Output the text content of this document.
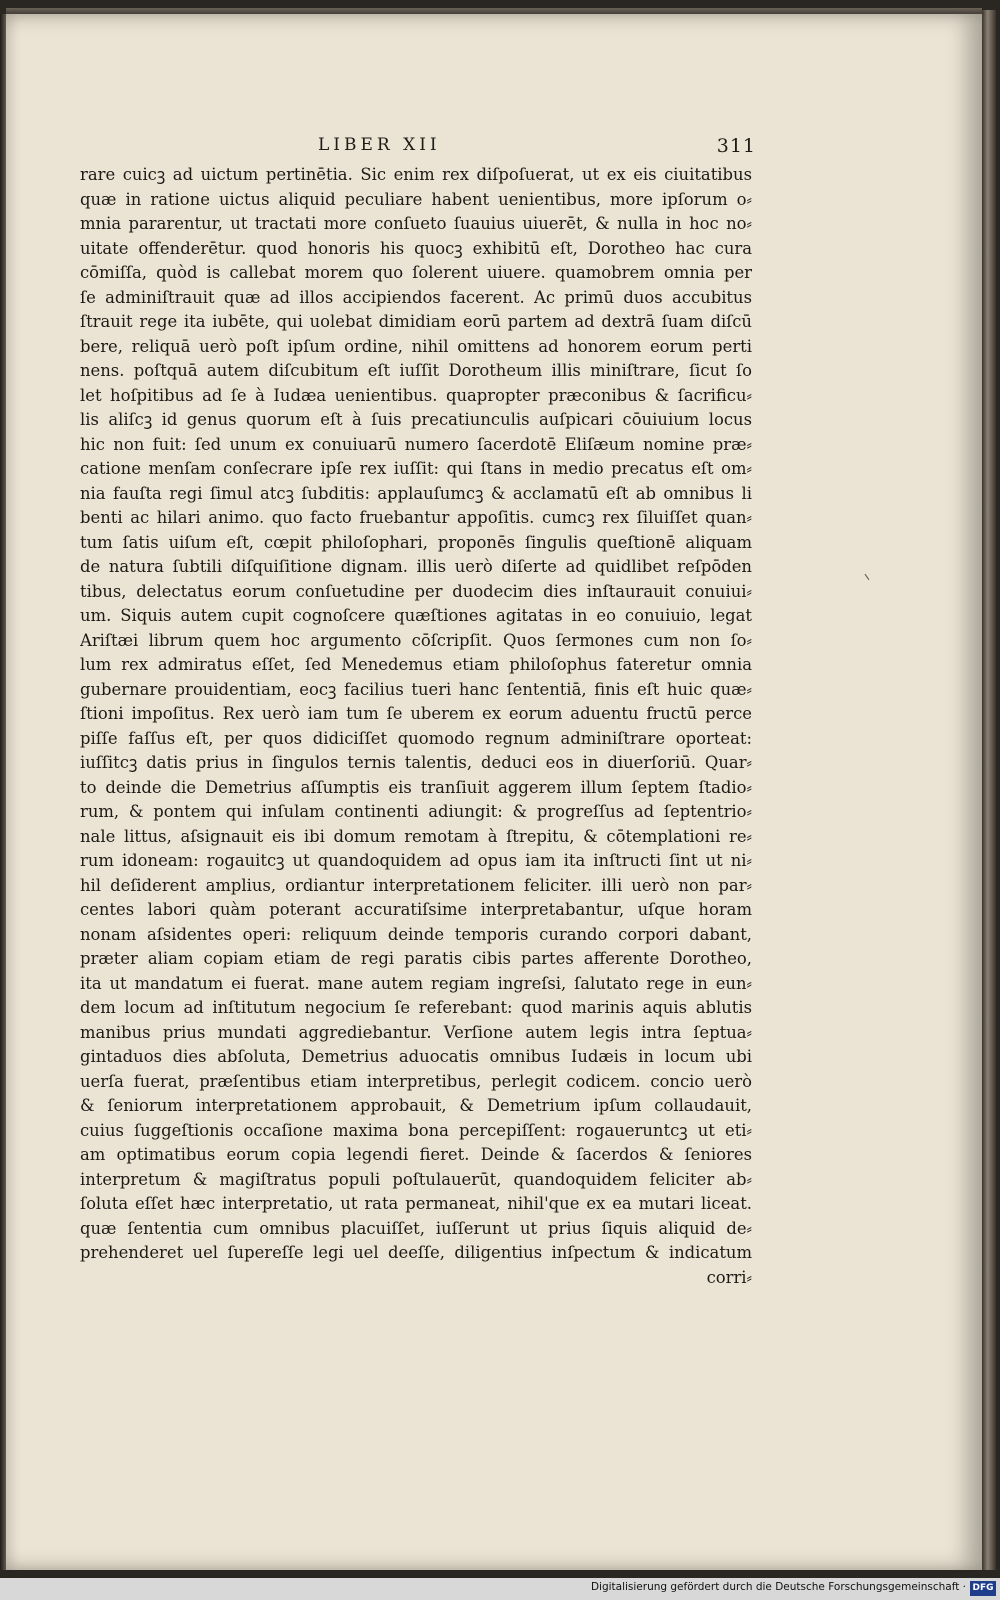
LIBER XII	311
rare cuicꝫ ad uictum pertinētia. Sic enim rex diſpoſuerat, ut ex eis ciuitatibus
quæ in ratione uictus aliquid peculiare habent uenientibus, more ipſorum o⸗
mnia pararentur, ut tractati more conſueto ſuauius uiuerēt, & nulla in hoc no⸗
uitate offenderētur. quod honoris his quocꝫ exhibitū eſt, Dorotheo hac cura
cōmiſſa, quòd is callebat morem quo ſolerent uiuere. quamobrem omnia per
ſe adminiſtrauit quæ ad illos accipiendos facerent. Ac primū duos accubitus
ſtrauit rege ita iubēte, qui uolebat dimidiam eorū partem ad dextrā ſuam diſcū
bere, reliquā uerò poſt ipſum ordine, nihil omittens ad honorem eorum perti
nens. poſtquā autem diſcubitum eſt iuſſit Dorotheum illis miniſtrare, ſicut ſo
let hoſpitibus ad ſe à Iudæa uenientibus. quapropter præconibus & ſacrificu⸗
lis aliſcꝫ id genus quorum eſt à ſuis precatiunculis auſpicari cōuiuium locus
hic non fuit: ſed unum ex conuiuarū numero ſacerdotē Eliſæum nomine præ⸗
catione menſam conſecrare ipſe rex iuſſit: qui ſtans in medio precatus eſt om⸗
nia fauſta regi ſimul atcꝫ ſubditis: applauſumcꝫ & acclamatū eſt ab omnibus li
benti ac hilari animo. quo facto fruebantur appoſitis. cumcꝫ rex ſiluiſſet quan⸗
tum ſatis uiſum eſt, cœpit philoſophari, proponēs ſingulis queſtionē aliquam
de natura ſubtili diſquiſitione dignam. illis uerò diſerte ad quidlibet reſpōden
tibus, delectatus eorum conſuetudine per duodecim dies inſtaurauit conuiui⸗
um. Siquis autem cupit cognoſcere quæſtiones agitatas in eo conuiuio, legat
Ariſtæi librum quem hoc argumento cōſcripſit. Quos ſermones cum non ſo⸗
lum rex admiratus eſſet, ſed Menedemus etiam philoſophus fateretur omnia
gubernare prouidentiam, eocꝫ facilius tueri hanc ſententiā, finis eſt huic quæ⸗
ſtioni impoſitus. Rex uerò iam tum ſe uberem ex eorum aduentu fructū perce
piſſe faſſus eſt, per quos didiciſſet quomodo regnum adminiſtrare oporteat:
iuſſitcꝫ datis prius in ſingulos ternis talentis, deduci eos in diuerſoriū. Quar⸗
to deinde die Demetrius aſſumptis eis tranſiuit aggerem illum ſeptem ſtadio⸗
rum, & pontem qui inſulam continenti adiungit: & progreſſus ad ſeptentrio⸗
nale littus, aſsignauit eis ibi domum remotam à ſtrepitu, & cōtemplationi re⸗
rum idoneam: rogauitcꝫ ut quandoquidem ad opus iam ita inſtructi ſint ut ni⸗
hil deſiderent amplius, ordiantur interpretationem feliciter. illi uerò non par⸗
centes labori quàm poterant accuratiſsime interpretabantur, uſque horam
nonam aſsidentes operi: reliquum deinde temporis curando corpori dabant,
præter aliam copiam etiam de regi paratis cibis partes afferente Dorotheo,
ita ut mandatum ei fuerat. mane autem regiam ingreſsi, ſalutato rege in eun⸗
dem locum ad inſtitutum negocium ſe referebant: quod marinis aquis ablutis
manibus prius mundati aggrediebantur. Verſione autem legis intra ſeptua⸗
gintaduos dies abſoluta, Demetrius aduocatis omnibus Iudæis in locum ubi
uerſa fuerat, præſentibus etiam interpretibus, perlegit codicem. concio uerò
& ſeniorum interpretationem approbauit, & Demetrium ipſum collaudauit,
cuius ſuggeſtionis occaſione maxima bona percepiſſent: rogaueruntcꝫ ut eti⸗
am optimatibus eorum copia legendi fieret. Deinde & ſacerdos & ſeniores
interpretum & magiſtratus populi poſtulauerūt, quandoquidem feliciter ab⸗
ſoluta eſſet hæc interpretatio, ut rata permaneat, nihil'que ex ea mutari liceat.
quæ ſententia cum omnibus placuiſſet, iuſſerunt ut prius ſiquis aliquid de⸗
prehenderet uel ſupereſſe legi uel deeſſe, diligentius inſpectum & indicatum
corri⸗
Digitalisierung gefördert durch die Deutsche Forschungsgemeinschaft · DFG
